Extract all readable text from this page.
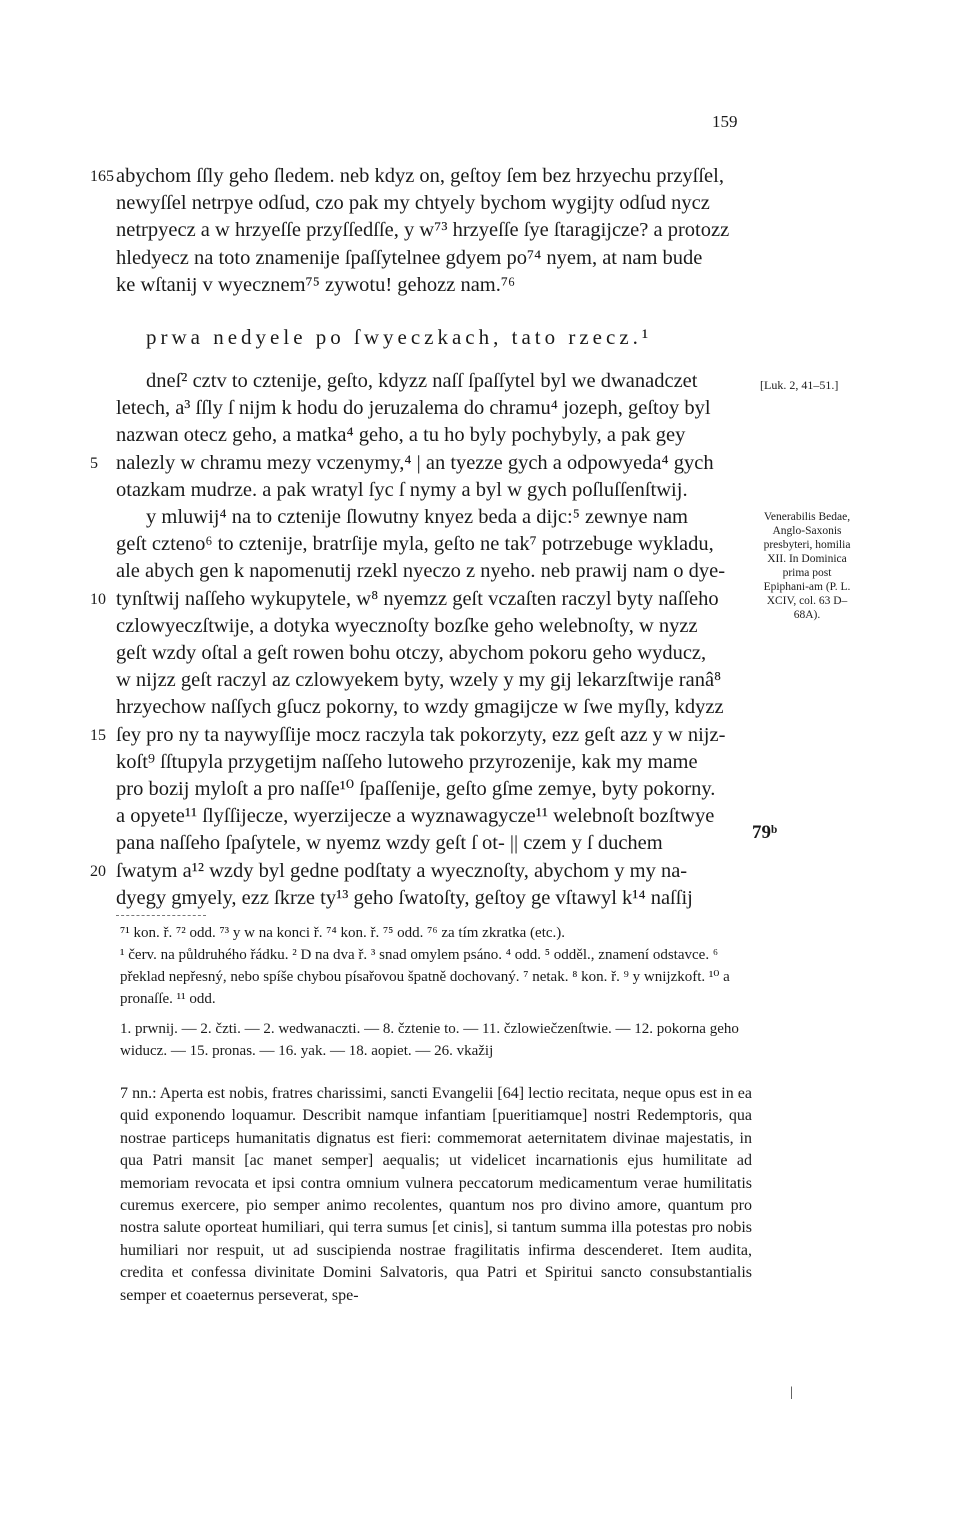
159
165 abychom ſſly geho ſledem. neb kdyz on, geſtoy ſem bez hrzyechu przyſſel,
newyſſel netrpye odſud, czo pak my chtyely bychom wygijty odſud nycz
netrpyecz a w hrzyeſſe przyſſedſſe, y w⁷³ hrzyeſſe ſye ſtaragijcze? a protozz
hledyecz na toto znamenije ſpaſſytelnee gdyem po⁷⁴ nyem, at nam bude
ke wſtanij v wyecznem⁷⁵ zywotu! gehozz nam.⁷⁶
prwa nedyele po ſwyeczkach, tato rzecz.¹
dneſ² cztv to cztenije, geſto, kdyzz naſſ ſpaſſytel byl we dwanadczet
letech, a³ ſſly ſ nijm k hodu do jeruzalema do chramu⁴ jozeph, geſtoy byl
nazwan otecz geho, a matka⁴ geho, a tu ho byly pochybyly, a pak gey
5 nalezly w chramu mezy vczenymy,⁴ | an tyezze gych a odpowyeda⁴ gych
otazkam mudrze. a pak wratyl ſyc ſ nymy a byl w gych poſluſſenſtwij.
y mluwij⁴ na to cztenije ſlowutny knyez beda a dijc:⁵ zewnye nam
geſt czteno⁶ to cztenije, bratrſije myla, geſto ne tak⁷ potrzebuge wykladu,
ale abych gen k napomenutij rzekl nyeczo z nyeho. neb prawij nam o dye-
10 tynſtwij naſſeho wykupytele, w⁸ nyemzz geſt vczaſten raczyl byty naſſeho
czlowyeczſtwije, a dotyka wyecznoſty bozſke geho welebnoſty, w nyzz
geſt wzdy oſtal a geſt rowen bohu otczy, abychom pokoru geho wyducz,
w nijzz geſt raczyl az czlowyekem byty, wzely y my gij lekarzſtwije ranâ⁸
hrzyechow naſſych gſucz pokorny, to wzdy gmagijcze w ſwe myſly, kdyzz
15 ſey pro ny ta naywyſſije mocz raczyla tak pokorzyty, ezz geſt azz y w nijz-
koſt⁹ ſſtupyla przygetijm naſſeho lutoweho przyrozenije, kak my mame
pro bozij myloſt a pro naſſe¹⁰ ſpaſſenije, geſto gſme zemye, byty pokorny.
a opyete¹¹ ſlyſſijecze, wyerzijecze a wyznawagycze¹¹ welebnoſt bozſtwye
pana naſſeho ſpaſytele, w nyemz wzdy geſt ſ ot- || czem y ſ duchem
20 ſwatym a¹² wzdy byl gedne podſtaty a wyecznoſty, abychom y my na-
dyegy gmyely, ezz ſkrze ty¹³ geho ſwatoſty, geſtoy ge vſtawyl k¹⁴ naſſij
[Luk. 2, 41–51.]
Venerabilis Bedae, Anglo-Saxonis presbyteri, homilia XII. In Dominica prima post Epiphani-am (P. L. XCIV, col. 63 D–68A).
79ᵇ

⁷¹ kon. ř. ⁷² odd. ⁷³ y w na konci ř. ⁷⁴ kon. ř. ⁷⁵ odd. ⁷⁶ za tím zkratka (etc.).

¹ červ. na půldruhého řádku. ² D na dva ř. ³ snad omylem psáno. ⁴ odd. ⁵ odděl., znamení odstavce. ⁶ překlad nepřesný, nebo spíše chybou písařovou špatně dochovaný. ⁷ netak. ⁸ kon. ř. ⁹ y wnijzkoft. ¹⁰ a pronaſſe. ¹¹ odd.

1. prwnij. — 2. čzti. — 2. wedwanaczti. — 8. čztenie to. — 11. čzlowiečzenſtwie. — 12. pokorna geho widucz. — 15. pronas. — 16. yak. — 18. aopiet. — 26. vkažij

7 nn.: Aperta est nobis, fratres charissimi, sancti Evangelii [64] lectio recitata, neque opus est in ea quid exponendo loquamur. Describit namque infantiam [pueritiamque] nostri Redemptoris, qua nostrae particeps humanitatis dignatus est fieri: commemorat aeternitatem divinae majestatis, in qua Patri mansit [ac manet semper] aequalis; ut videlicet incarnationis ejus humilitate ad memoriam revocata et ipsi contra omnium vulnera peccatorum medicamentum verae humilitatis curemus exercere, pio semper animo recolentes, quantum nos pro divino amore, quantum pro nostra salute oporteat humiliari, qui terra sumus [et cinis], si tantum summa illa potestas pro nobis humiliari nor respuit, ut ad suscipienda nostrae fragilitatis infirma descenderet. Item audita, credita et confessa divinitate Domini Salvatoris, qua Patri et Spiritui sancto consubstantialis semper et coaeternus perseverat, spe-
|
